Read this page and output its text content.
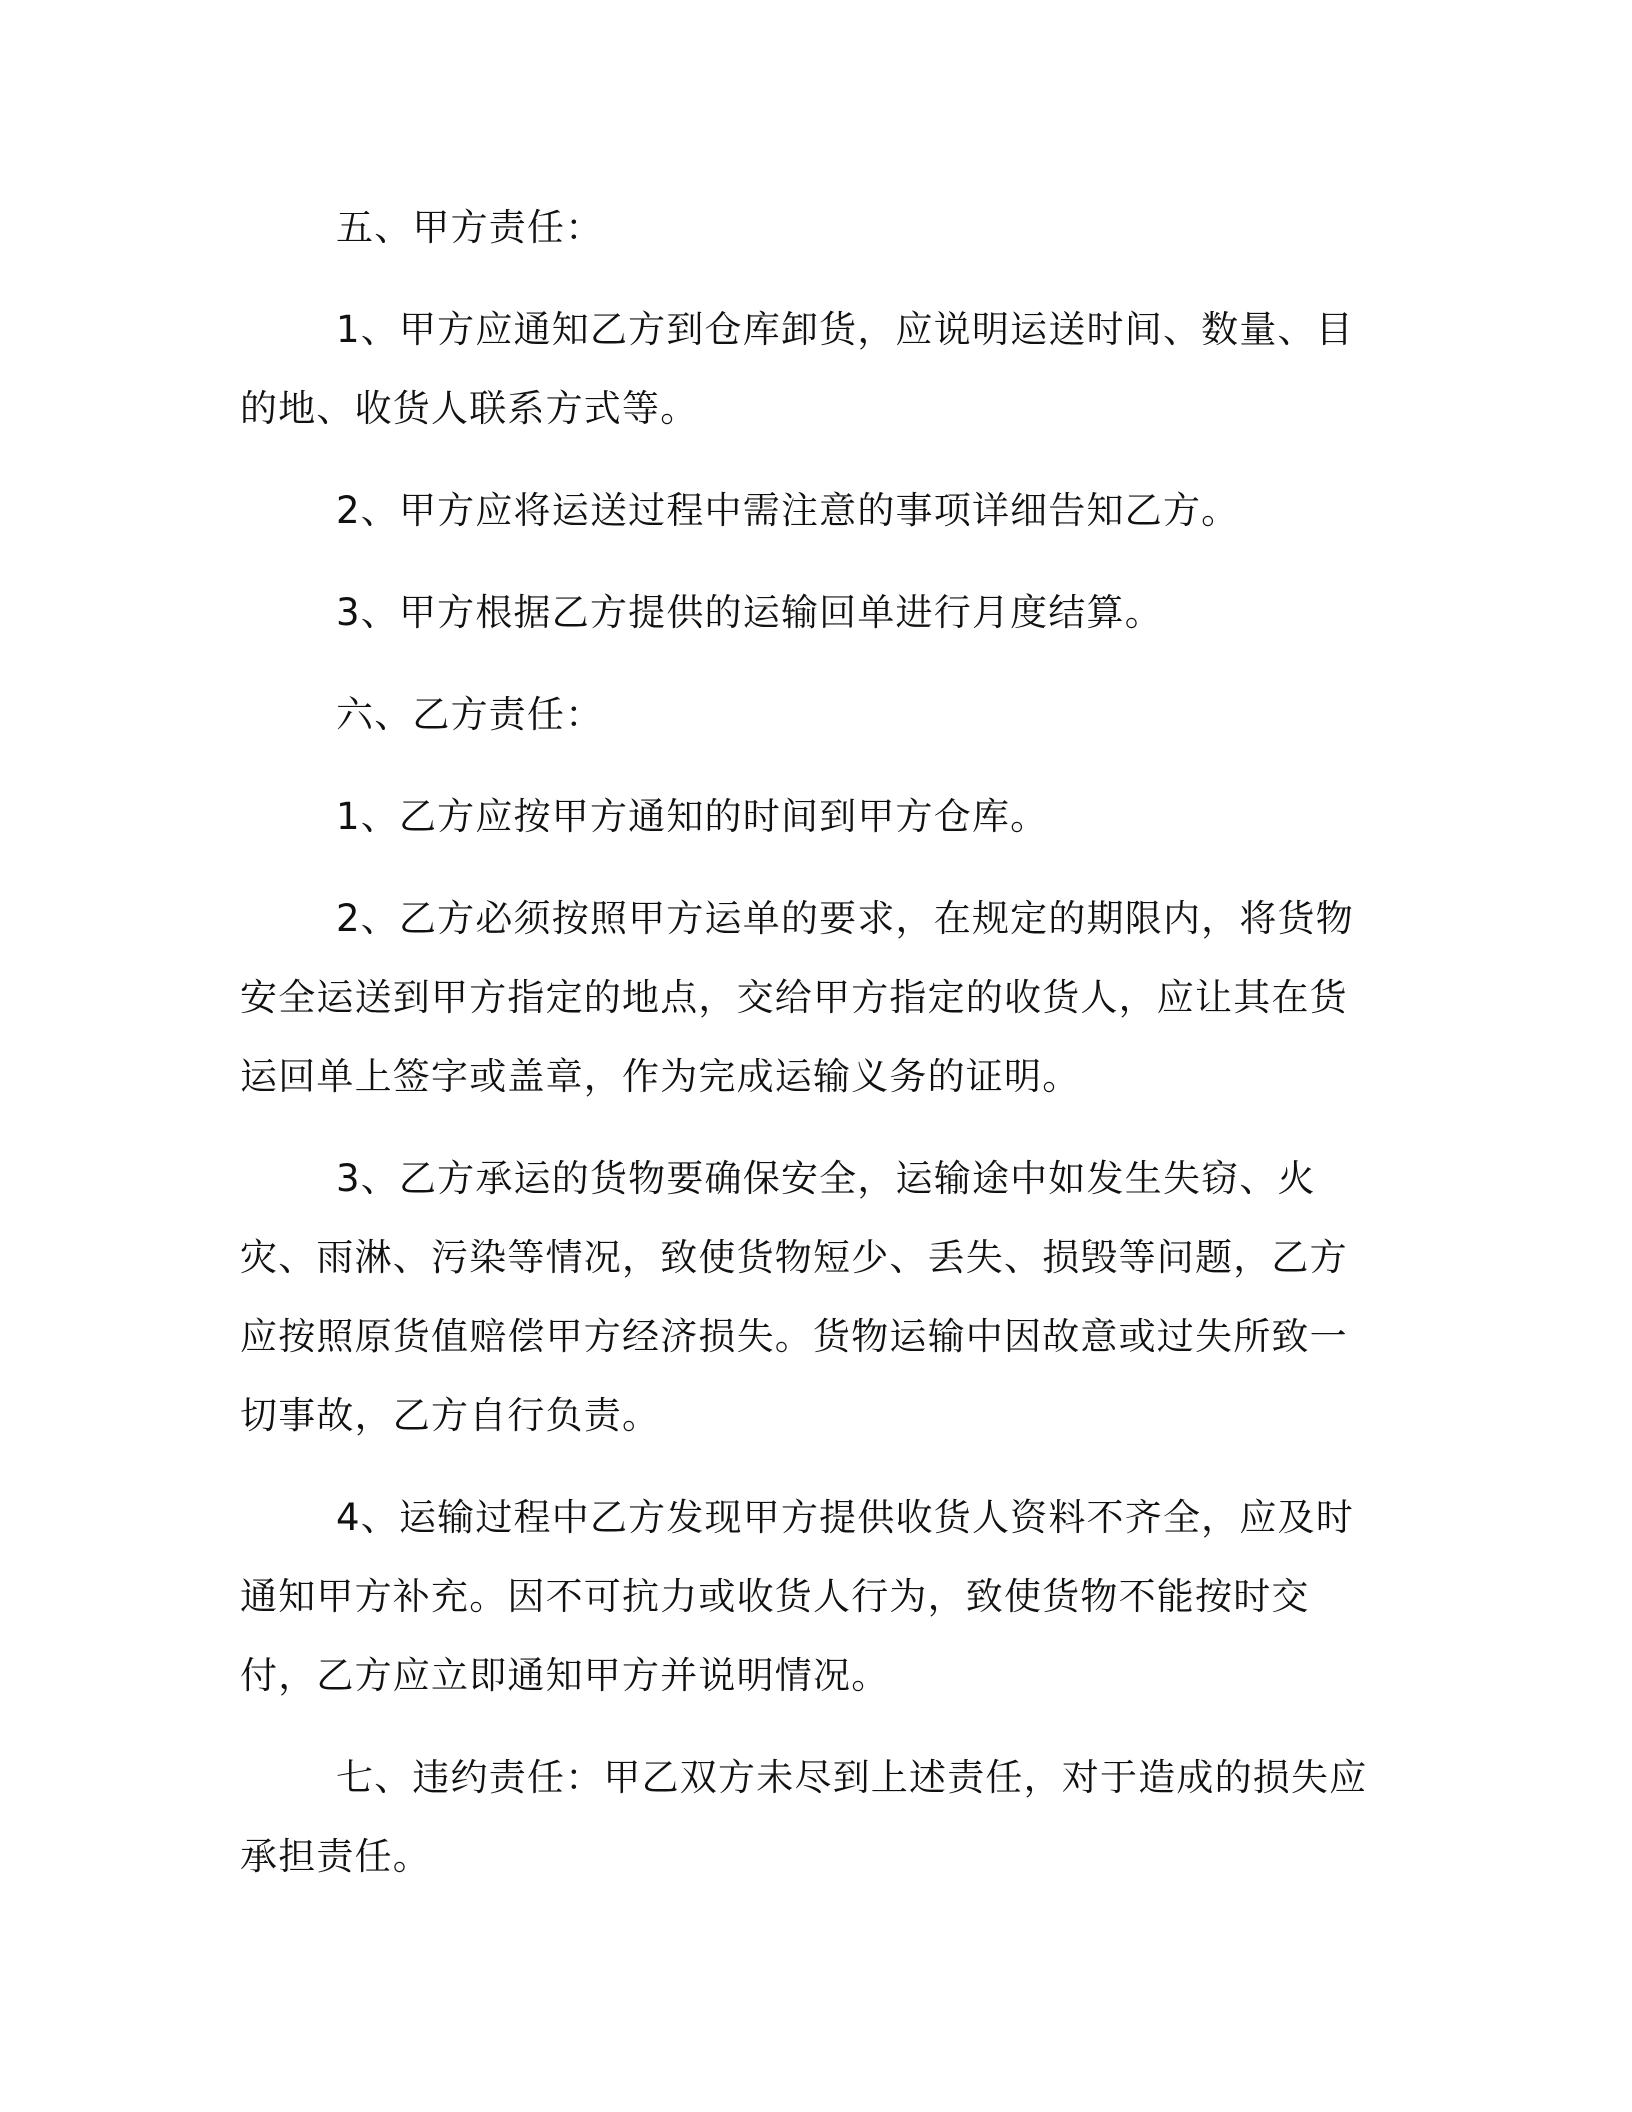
五、甲方责任：

1、甲方应通知乙方到仓库卸货，应说明运送时间、数量、目的地、收货人联系方式等。

2、甲方应将运送过程中需注意的事项详细告知乙方。

3、甲方根据乙方提供的运输回单进行月度结算。

六、乙方责任：

1、乙方应按甲方通知的时间到甲方仓库。

2、乙方必须按照甲方运单的要求，在规定的期限内，将货物安全运送到甲方指定的地点，交给甲方指定的收货人，应让其在货运回单上签字或盖章，作为完成运输义务的证明。

3、乙方承运的货物要确保安全，运输途中如发生失窃、火灾、雨淋、污染等情况，致使货物短少、丢失、损毁等问题，乙方应按照原货值赔偿甲方经济损失。货物运输中因故意或过失所致一切事故，乙方自行负责。

4、运输过程中乙方发现甲方提供收货人资料不齐全，应及时通知甲方补充。因不可抗力或收货人行为，致使货物不能按时交付，乙方应立即通知甲方并说明情况。

七、违约责任：甲乙双方未尽到上述责任，对于造成的损失应承担责任。
